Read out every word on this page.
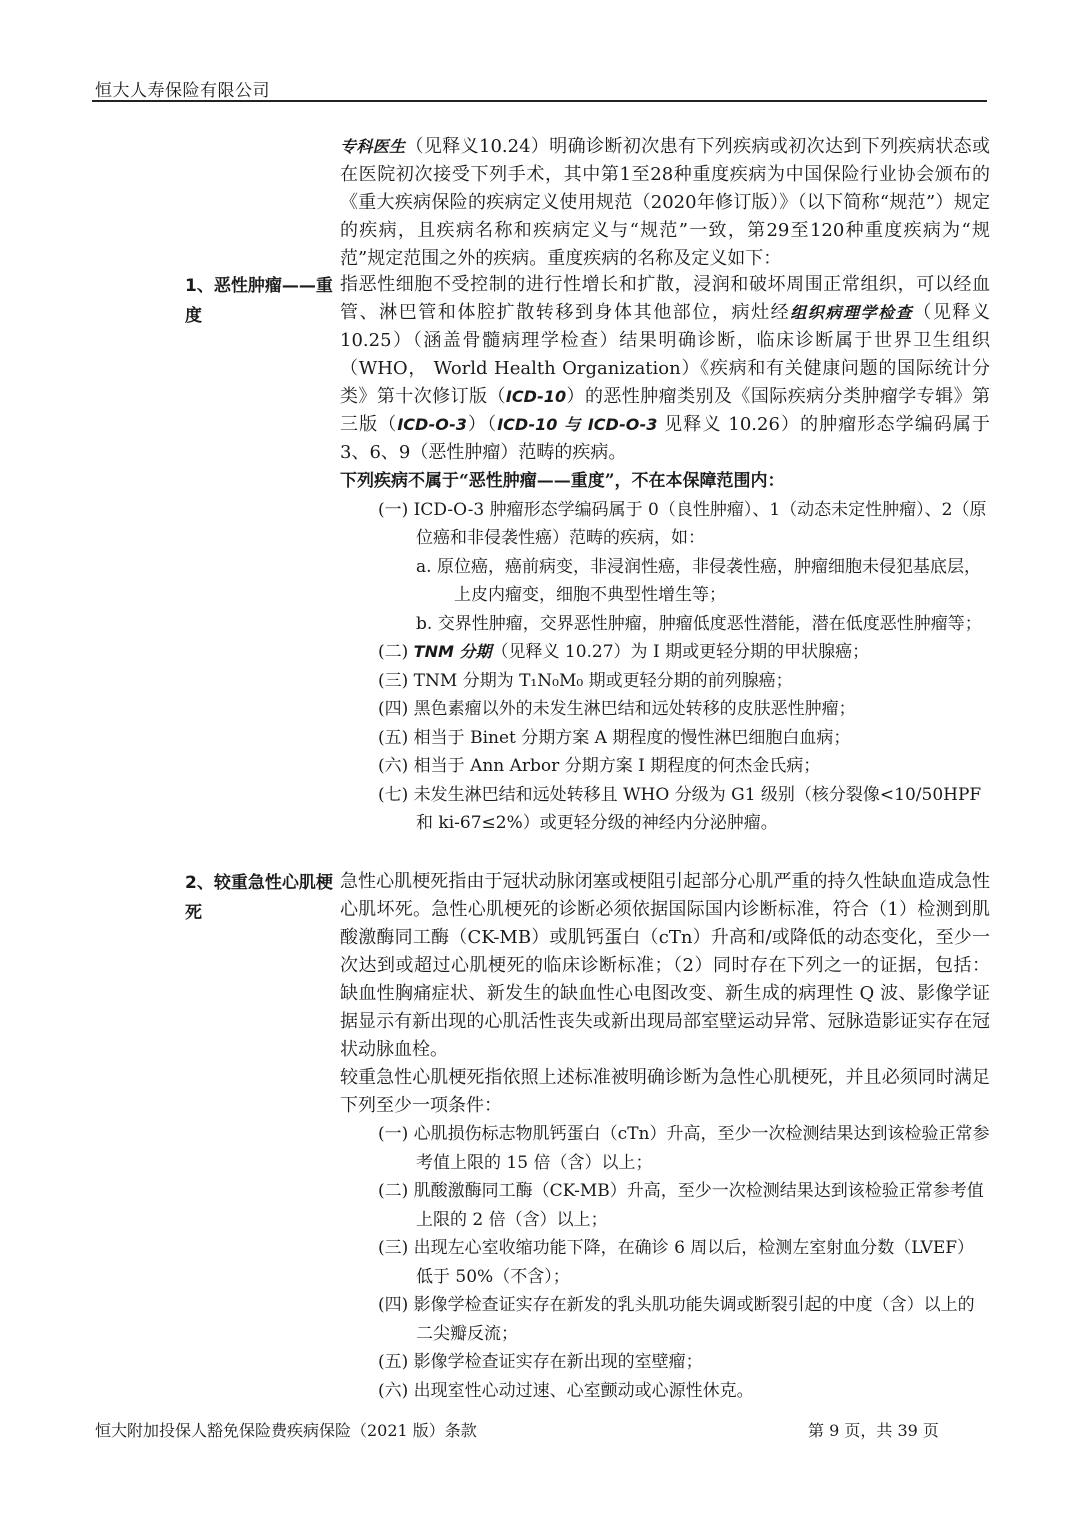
恒大人寿保险有限公司

专科医生（见释义10.24）明确诊断初次患有下列疾病或初次达到下列疾病状态或在医院初次接受下列手术，其中第1至28种重度疾病为中国保险行业协会颁布的《重大疾病保险的疾病定义使用规范（2020年修订版）》（以下简称“规范”）规定的疾病，且疾病名称和疾病定义与“规范”一致，第29至120种重度疾病为“规范”规定范围之外的疾病。重度疾病的名称及定义如下：

1、恶性肿瘤——重度

指恶性细胞不受控制的进行性增长和扩散，浸润和破坏周围正常组织，可以经血管、淋巴管和体腔扩散转移到身体其他部位，病灶经组织病理学检查（见释义 10.25）（涵盖骨髓病理学检查）结果明确诊断，临床诊断属于世界卫生组织（WHO， World Health Organization）《疾病和有关健康问题的国际统计分类》第十次修订版（ICD-10）的恶性肿瘤类别及《国际疾病分类肿瘤学专辑》第三版（ICD-O-3）（ICD-10 与 ICD-O-3 见释义 10.26）的肿瘤形态学编码属于 3、6、9（恶性肿瘤）范畴的疾病。

下列疾病不属于“恶性肿瘤——重度”，不在本保障范围内：

(一) ICD-O-3 肿瘤形态学编码属于 0（良性肿瘤）、1（动态未定性肿瘤）、2（原位癌和非侵袭性癌）范畴的疾病，如：

a. 原位癌，癌前病变，非浸润性癌，非侵袭性癌，肿瘤细胞未侵犯基底层，上皮内瘤变，细胞不典型性增生等；

b. 交界性肿瘤，交界恶性肿瘤，肿瘤低度恶性潜能，潜在低度恶性肿瘤等；

(二) TNM 分期（见释义 10.27）为 I 期或更轻分期的甲状腺癌；

(三) TNM 分期为 T₁N₀M₀ 期或更轻分期的前列腺癌；

(四) 黑色素瘤以外的未发生淋巴结和远处转移的皮肤恶性肿瘤；

(五) 相当于 Binet 分期方案 A 期程度的慢性淋巴细胞白血病；

(六) 相当于 Ann Arbor 分期方案 I 期程度的何杰金氏病；

(七) 未发生淋巴结和远处转移且 WHO 分级为 G1 级别（核分裂像<10/50HPF 和 ki-67≤2%）或更轻分级的神经内分泌肿瘤。

2、较重急性心肌梗死

急性心肌梗死指由于冠状动脉闭塞或梗阻引起部分心肌严重的持久性缺血造成急性心肌坏死。急性心肌梗死的诊断必须依据国际国内诊断标准，符合（1）检测到肌酸激酶同工酶（CK-MB）或肌钙蛋白（cTn）升高和/或降低的动态变化，至少一次达到或超过心肌梗死的临床诊断标准；（2）同时存在下列之一的证据，包括：缺血性胸痛症状、新发生的缺血性心电图改变、新生成的病理性 Q 波、影像学证据显示有新出现的心肌活性丧失或新出现局部室壁运动异常、冠脉造影证实存在冠状动脉血栓。

较重急性心肌梗死指依照上述标准被明确诊断为急性心肌梗死，并且必须同时满足下列至少一项条件：

(一) 心肌损伤标志物肌钙蛋白（cTn）升高，至少一次检测结果达到该检验正常参考值上限的 15 倍（含）以上；

(二) 肌酸激酶同工酶（CK-MB）升高，至少一次检测结果达到该检验正常参考值上限的 2 倍（含）以上；

(三) 出现左心室收缩功能下降，在确诊 6 周以后，检测左室射血分数（LVEF）低于 50%（不含）；

(四) 影像学检查证实存在新发的乳头肌功能失调或断裂引起的中度（含）以上的二尖瓣反流；

(五) 影像学检查证实存在新出现的室壁瘤；

(六) 出现室性心动过速、心室颤动或心源性休克。

恒大附加投保人豁免保险费疾病保险（2021 版）条款	第 9 页，共 39 页
